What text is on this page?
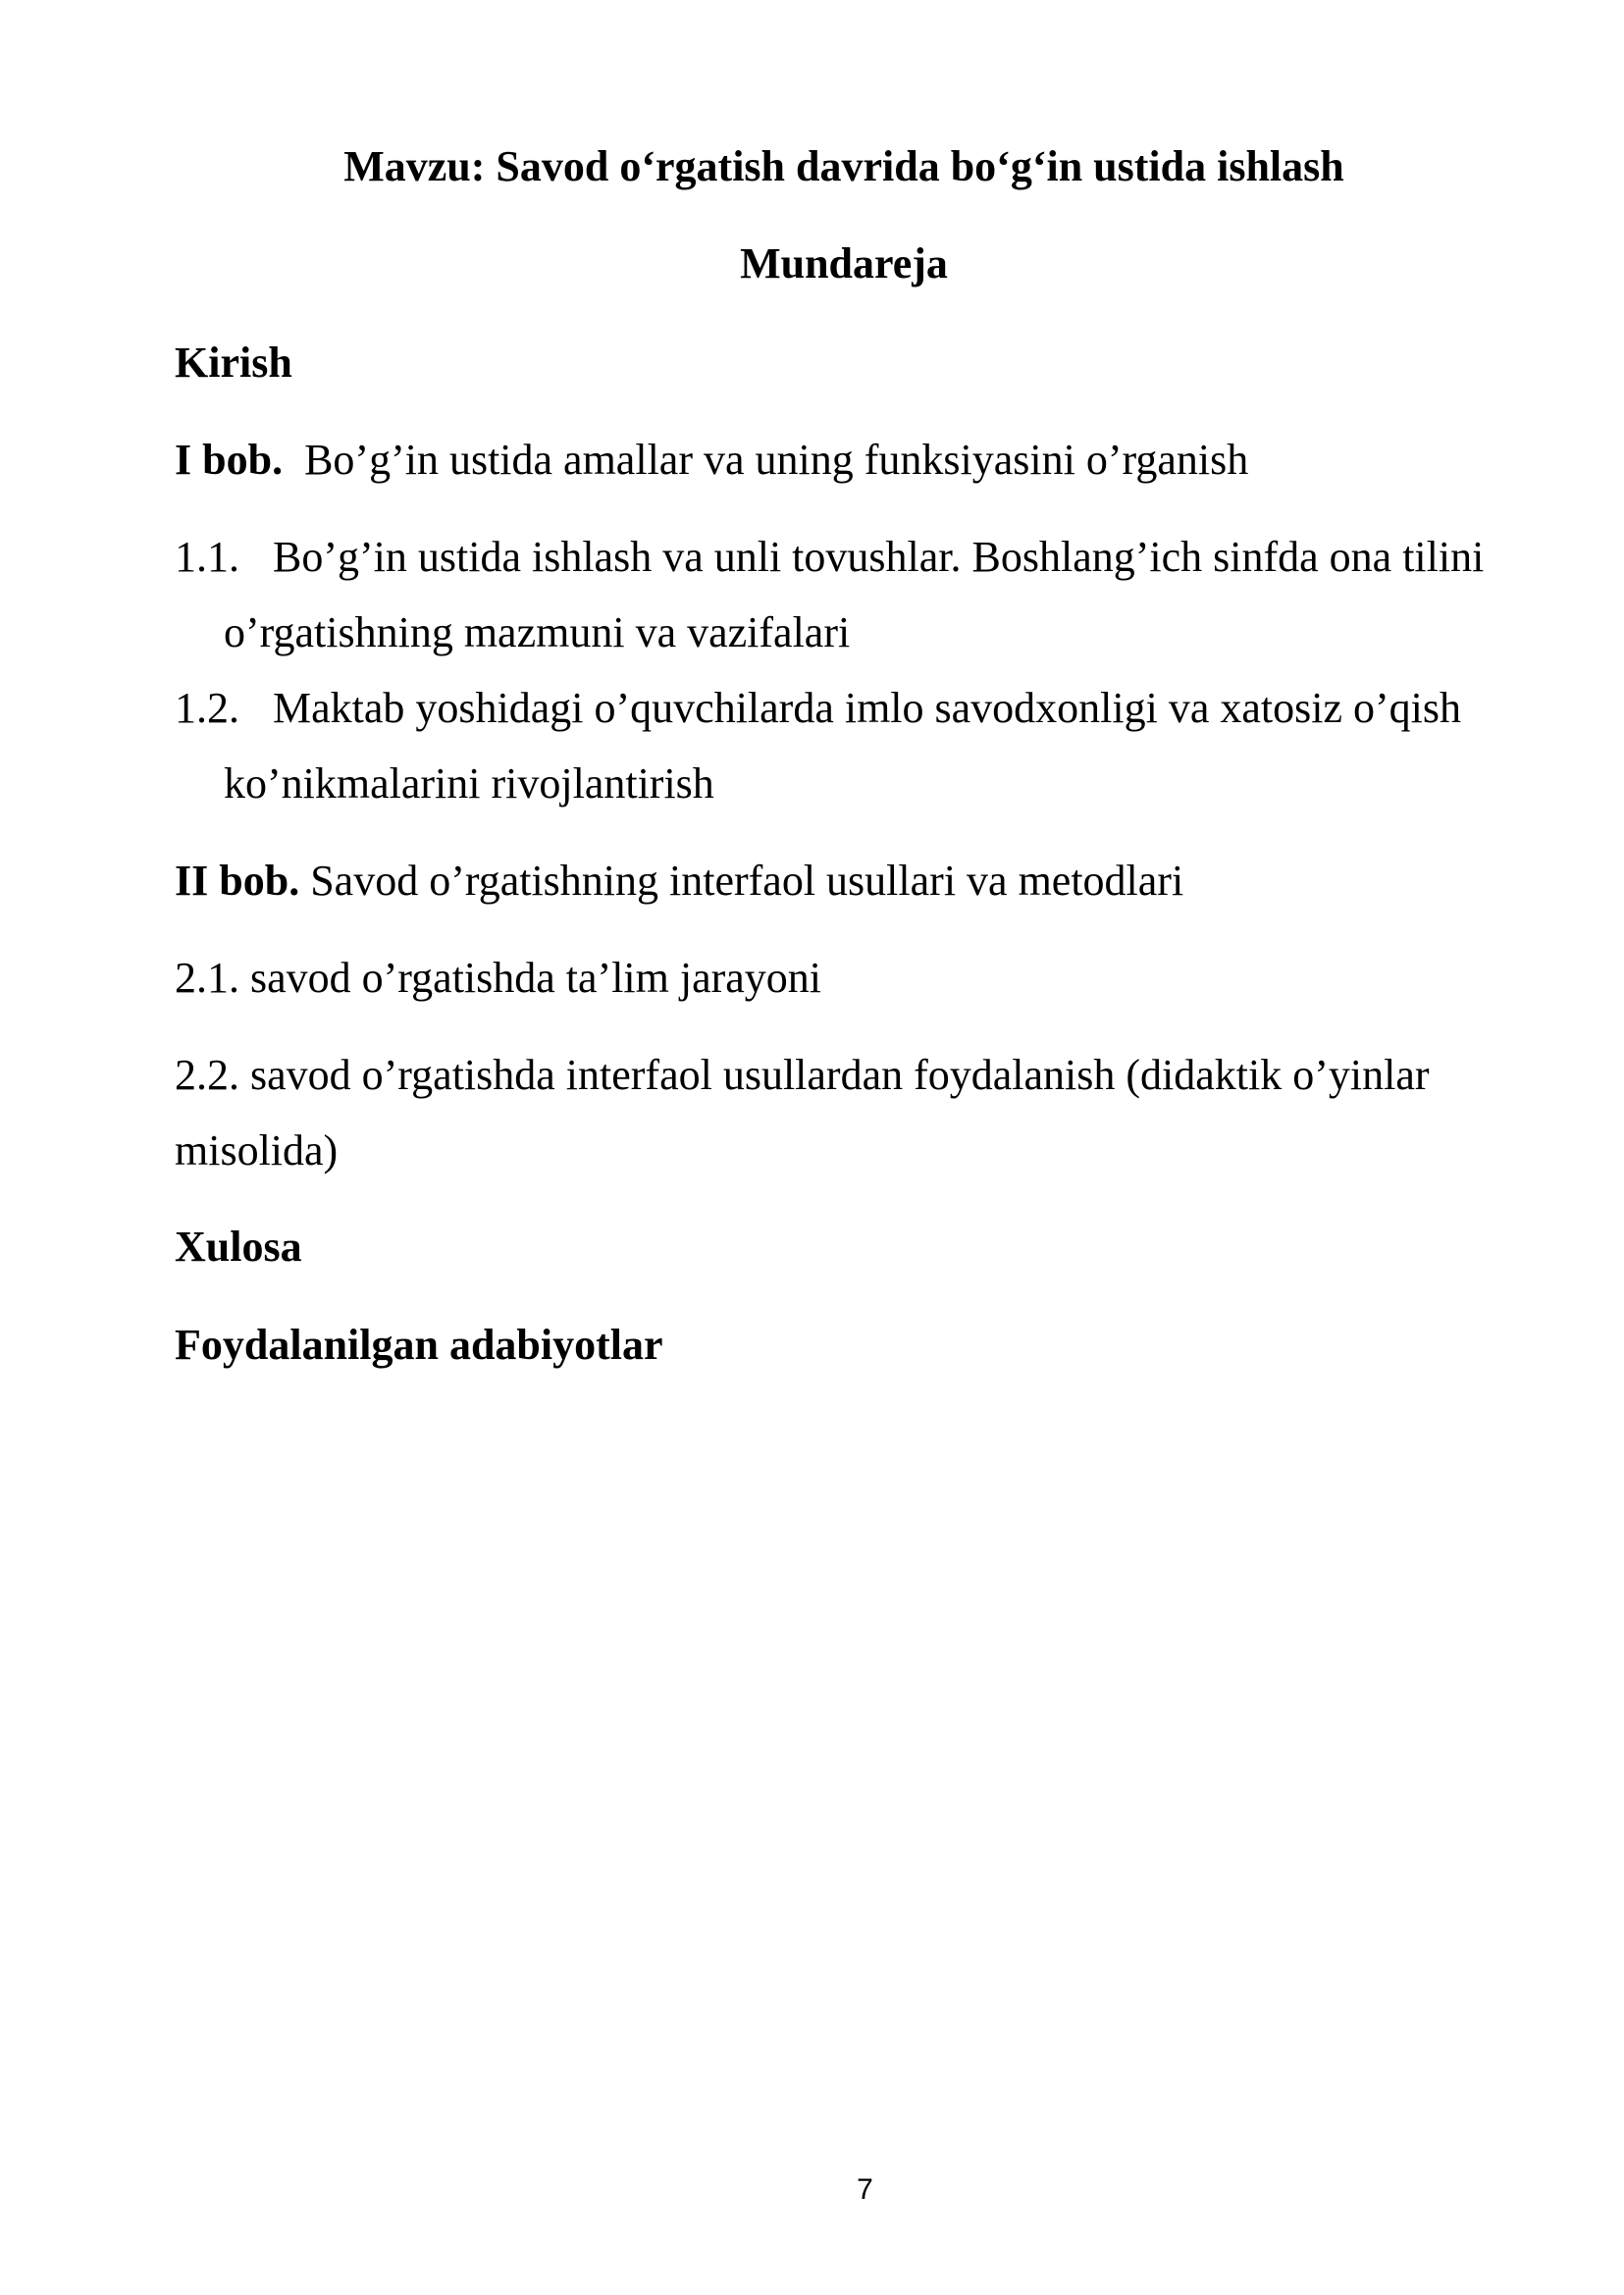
Mavzu: Savod o‘rgatish davrida bo‘g‘in ustida ishlash
Mundareja
Kirish
I bob. Bo’g’in ustida amallar va uning funksiyasini o’rganish
1.1. Bo’g’in ustida ishlash va unli tovushlar. Boshlang’ich sinfda ona tilini
o’rgatishning mazmuni va vazifalari
1.2. Maktab yoshidagi o’quvchilarda imlo savodxonligi va xatosiz o’qish
ko’nikmalarini rivojlantirish
II bob. Savod o’rgatishning interfaol usullari va metodlari
2.1. savod o’rgatishda ta’lim jarayoni
2.2. savod o’rgatishda interfaol usullardan foydalanish (didaktik o’yinlar
misolida)
Xulosa
Foydalanilgan adabiyotlar
7
